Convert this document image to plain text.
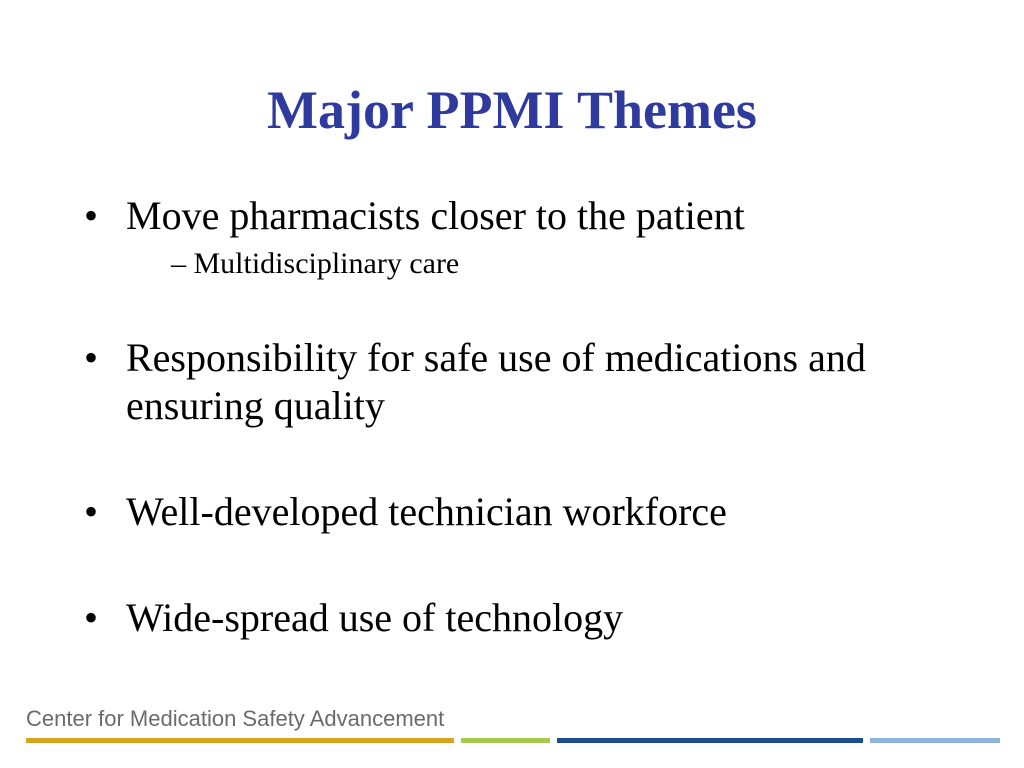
Major PPMI Themes
• Move pharmacists closer to the patient
– Multidisciplinary care
• Responsibility for safe use of medications and ensuring quality
• Well-developed technician workforce
• Wide-spread use of technology

Center for Medication Safety Advancement
